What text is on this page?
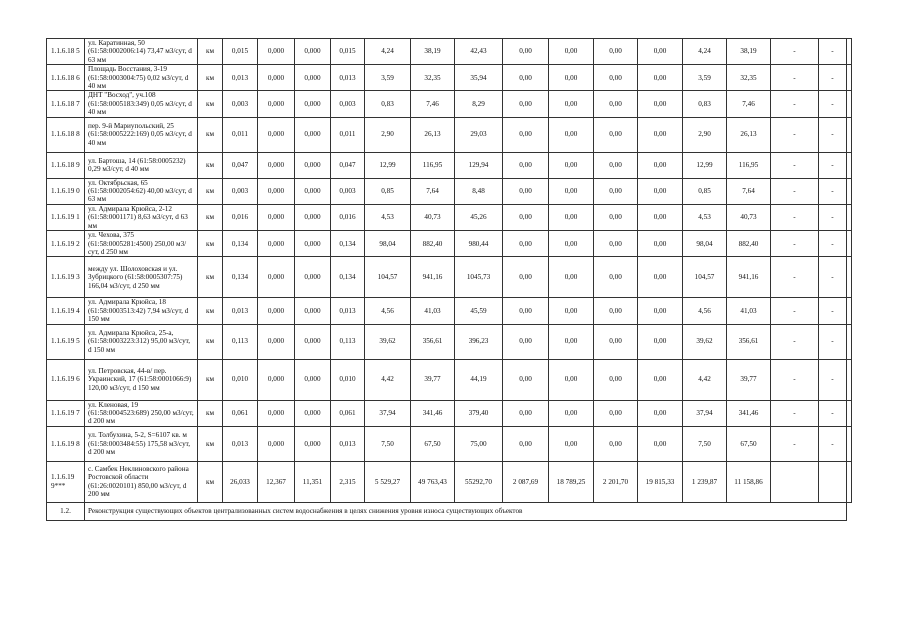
1.1.6.18 5	ул. Каратинная, 50 (61:58:0002006:14) 73,47 м3/сут, d 63 мм	км	0,015	0,000	0,000	0,015	4,24	38,19	42,43	0,00	0,00	0,00	0,00	4,24	38,19	-	-	
1.1.6.18 6	Площадь Восстания, 3-19 (61:58:0003004:75) 0,02 м3/сут, d 40 мм	км	0,013	0,000	0,000	0,013	3,59	32,35	35,94	0,00	0,00	0,00	0,00	3,59	32,35	-	-	
1.1.6.18 7	ДНТ "Восход", уч.108 (61:58:0005183:349) 0,05 м3/сут, d 40 мм	км	0,003	0,000	0,000	0,003	0,83	7,46	8,29	0,00	0,00	0,00	0,00	0,83	7,46	-	-	
1.1.6.18 8	пер. 9-й Мариупольский, 25 (61:58:0005222:169) 0,05 м3/сут, d 40 мм	км	0,011	0,000	0,000	0,011	2,90	26,13	29,03	0,00	0,00	0,00	0,00	2,90	26,13	-	-	
1.1.6.18 9	ул. Бартоша, 14 (61:58:0005232) 0,29 м3/сут, d 40 мм	км	0,047	0,000	0,000	0,047	12,99	116,95	129,94	0,00	0,00	0,00	0,00	12,99	116,95	-	-	
1.1.6.19 0	ул. Октябрьская, 65 (61:58:0002054:62) 40,00 м3/сут, d 63 мм	км	0,003	0,000	0,000	0,003	0,85	7,64	8,48	0,00	0,00	0,00	0,00	0,85	7,64	-	-	
1.1.6.19 1	ул. Адмирала Крюйса, 2-12 (61:58:0001171) 8,63 м3/сут, d 63 мм	км	0,016	0,000	0,000	0,016	4,53	40,73	45,26	0,00	0,00	0,00	0,00	4,53	40,73	-	-	
1.1.6.19 2	ул. Чехова, 375 (61:58:0005281:4500) 250,00 м3/сут, d 250 мм	км	0,134	0,000	0,000	0,134	98,04	882,40	980,44	0,00	0,00	0,00	0,00	98,04	882,40	-	-	
1.1.6.19 3	между ул. Шолоховская и ул. Зубрицкого (61:58:0005307:75) 166,04 м3/сут, d 250 мм	км	0,134	0,000	0,000	0,134	104,57	941,16	1045,73	0,00	0,00	0,00	0,00	104,57	941,16	-	-	
1.1.6.19 4	ул. Адмирала Крюйса, 18 (61:58:0003513:42) 7,94 м3/сут, d 150 мм	км	0,013	0,000	0,000	0,013	4,56	41,03	45,59	0,00	0,00	0,00	0,00	4,56	41,03	-	-	
1.1.6.19 5	ул. Адмирала Крюйса, 25-а, (61:58:0003223:312) 95,00 м3/сут, d 150 мм	км	0,113	0,000	0,000	0,113	39,62	356,61	396,23	0,00	0,00	0,00	0,00	39,62	356,61	-	-	
1.1.6.19 6	ул. Петровская, 44-в/ пер. Украинский, 17 (61:58:0001066:9) 120,00 м3/сут, d 150 мм	км	0,010	0,000	0,000	0,010	4,42	39,77	44,19	0,00	0,00	0,00	0,00	4,42	39,77	-	-	
1.1.6.19 7	ул. Кленовая, 19 (61:58:0004523:689) 250,00 м3/сут, d 200 мм	км	0,061	0,000	0,000	0,061	37,94	341,46	379,40	0,00	0,00	0,00	0,00	37,94	341,46	-	-	
1.1.6.19 8	ул. Толбухина, 5-2, S=6107 кв. м (61:58:0003484:55) 175,58 м3/сут, d 200 мм	км	0,013	0,000	0,000	0,013	7,50	67,50	75,00	0,00	0,00	0,00	0,00	7,50	67,50	-	-	
1.1.6.19 9***	с. Самбек Неклиновского района Ростовской области (61:26:0020101) 850,00 м3/сут, d 200 мм	км	26,033	12,367	11,351	2,315	5 529,27	49 763,43	55292,70	2 087,69	18 789,25	2 201,70	19 815,33	1 239,87	11 158,86			
1.2.	Реконструкция существующих объектов централизованных систем водоснабжения в целях снижения уровня износа существующих объектов																	
